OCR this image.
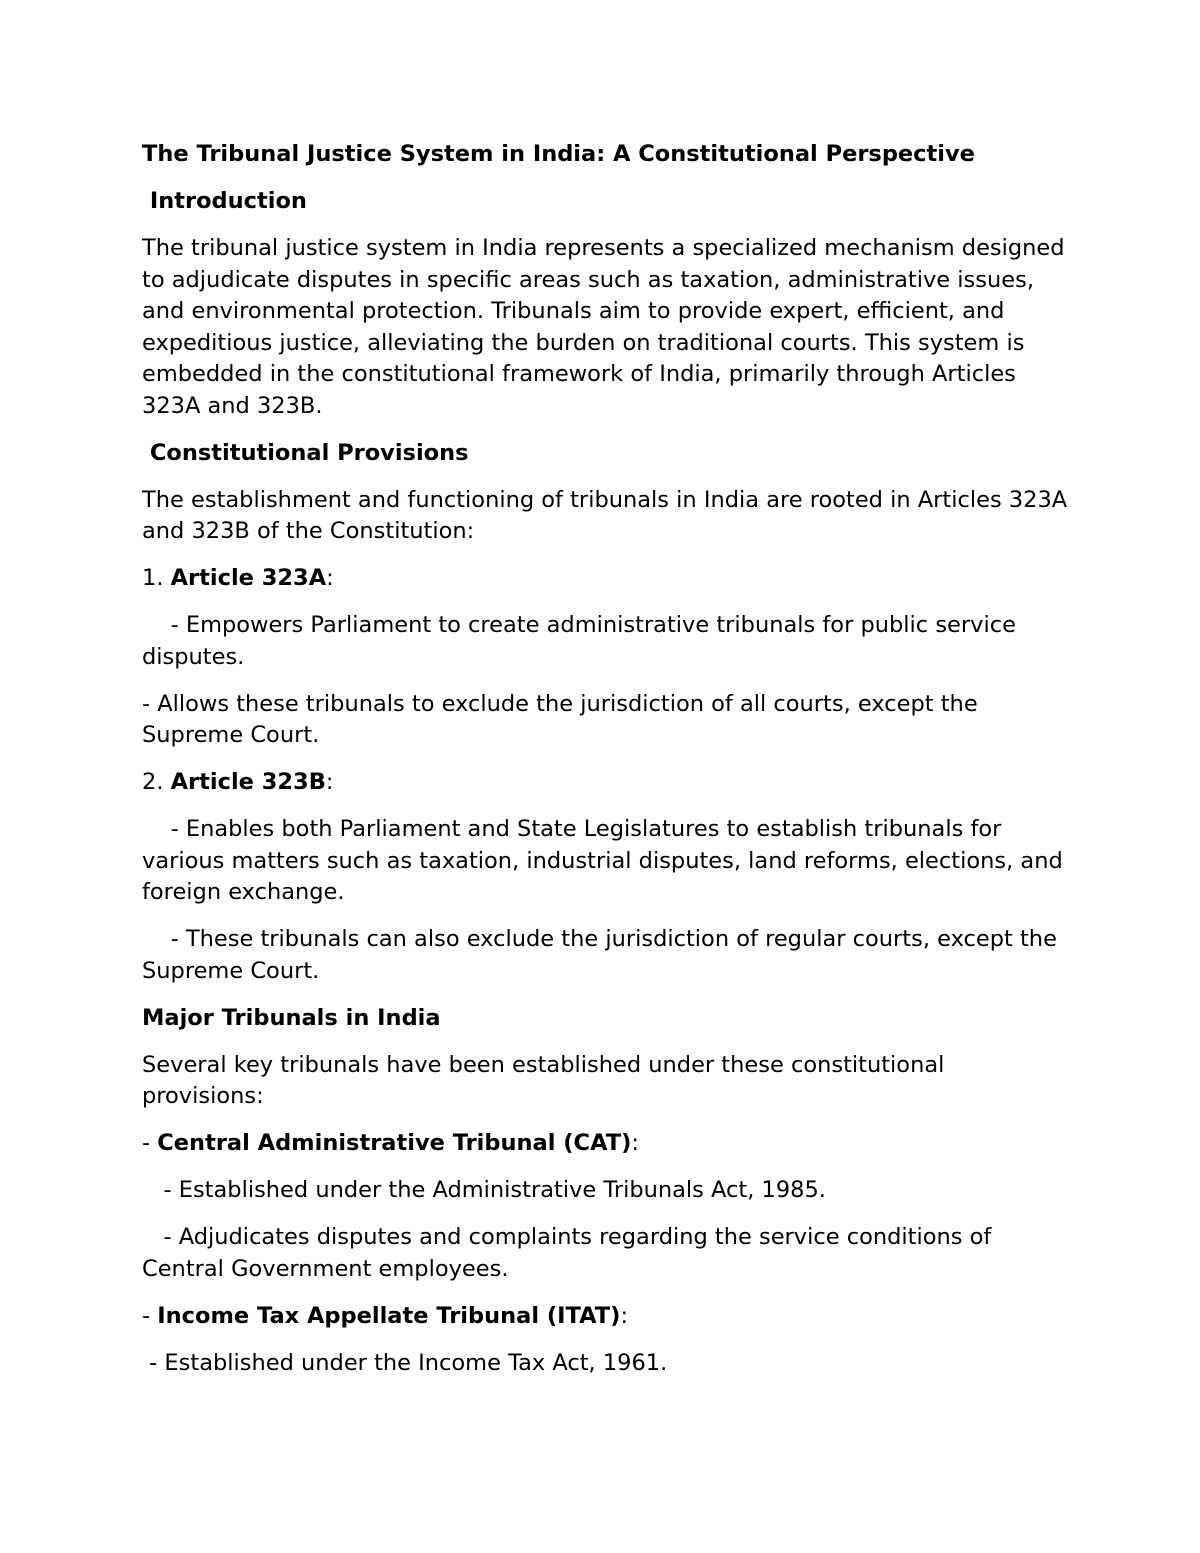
The Tribunal Justice System in India: A Constitutional Perspective

Introduction

The tribunal justice system in India represents a specialized mechanism designed to adjudicate disputes in specific areas such as taxation, administrative issues, and environmental protection. Tribunals aim to provide expert, efficient, and expeditious justice, alleviating the burden on traditional courts. This system is embedded in the constitutional framework of India, primarily through Articles 323A and 323B.

Constitutional Provisions

The establishment and functioning of tribunals in India are rooted in Articles 323A and 323B of the Constitution:

1. Article 323A:

- Empowers Parliament to create administrative tribunals for public service disputes.

- Allows these tribunals to exclude the jurisdiction of all courts, except the Supreme Court.

2. Article 323B:

- Enables both Parliament and State Legislatures to establish tribunals for various matters such as taxation, industrial disputes, land reforms, elections, and foreign exchange.

- These tribunals can also exclude the jurisdiction of regular courts, except the Supreme Court.

Major Tribunals in India

Several key tribunals have been established under these constitutional provisions:

- Central Administrative Tribunal (CAT):

- Established under the Administrative Tribunals Act, 1985.

- Adjudicates disputes and complaints regarding the service conditions of Central Government employees.

- Income Tax Appellate Tribunal (ITAT):

- Established under the Income Tax Act, 1961.
